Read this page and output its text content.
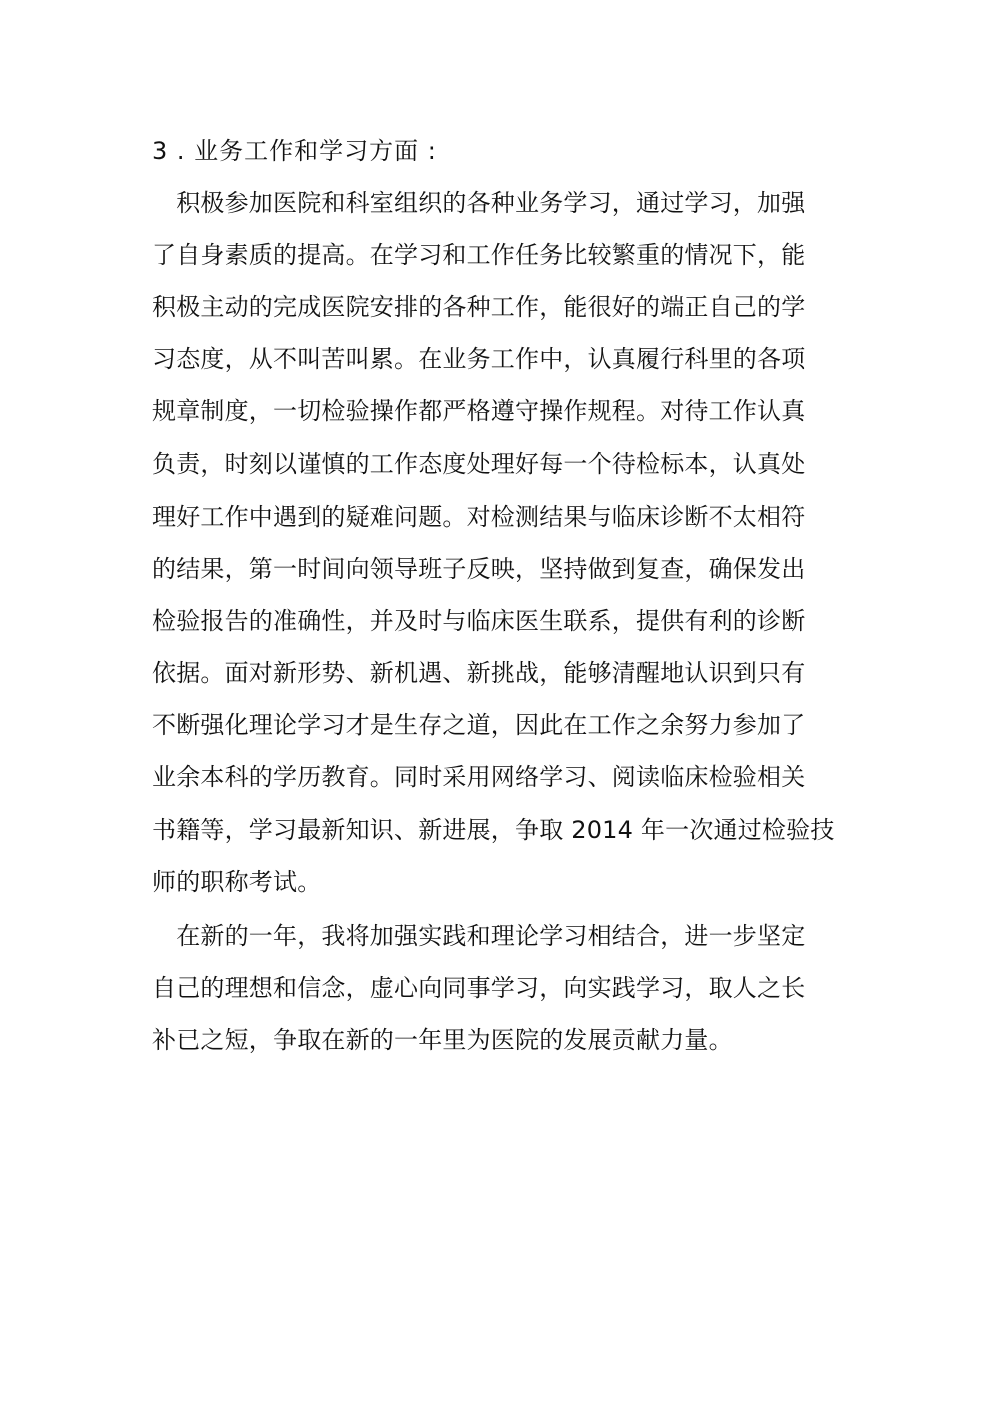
3 . 业务工作和学习方面 :
　积极参加医院和科室组织的各种业务学习，通过学习，加强
了自身素质的提高。在学习和工作任务比较繁重的情况下，能
积极主动的完成医院安排的各种工作，能很好的端正自己的学
习态度，从不叫苦叫累。在业务工作中，认真履行科里的各项
规章制度，一切检验操作都严格遵守操作规程。对待工作认真
负责，时刻以谨慎的工作态度处理好每一个待检标本，认真处
理好工作中遇到的疑难问题。对检测结果与临床诊断不太相符
的结果，第一时间向领导班子反映，坚持做到复查，确保发出
检验报告的准确性，并及时与临床医生联系，提供有利的诊断
依据。面对新形势、新机遇、新挑战，能够清醒地认识到只有
不断强化理论学习才是生存之道，因此在工作之余努力参加了
业余本科的学历教育。同时采用网络学习、阅读临床检验相关
书籍等，学习最新知识、新进展，争取 2014 年一次通过检验技
师的职称考试。
　在新的一年，我将加强实践和理论学习相结合，进一步坚定
自己的理想和信念，虚心向同事学习，向实践学习，取人之长
补已之短，争取在新的一年里为医院的发展贡献力量。
